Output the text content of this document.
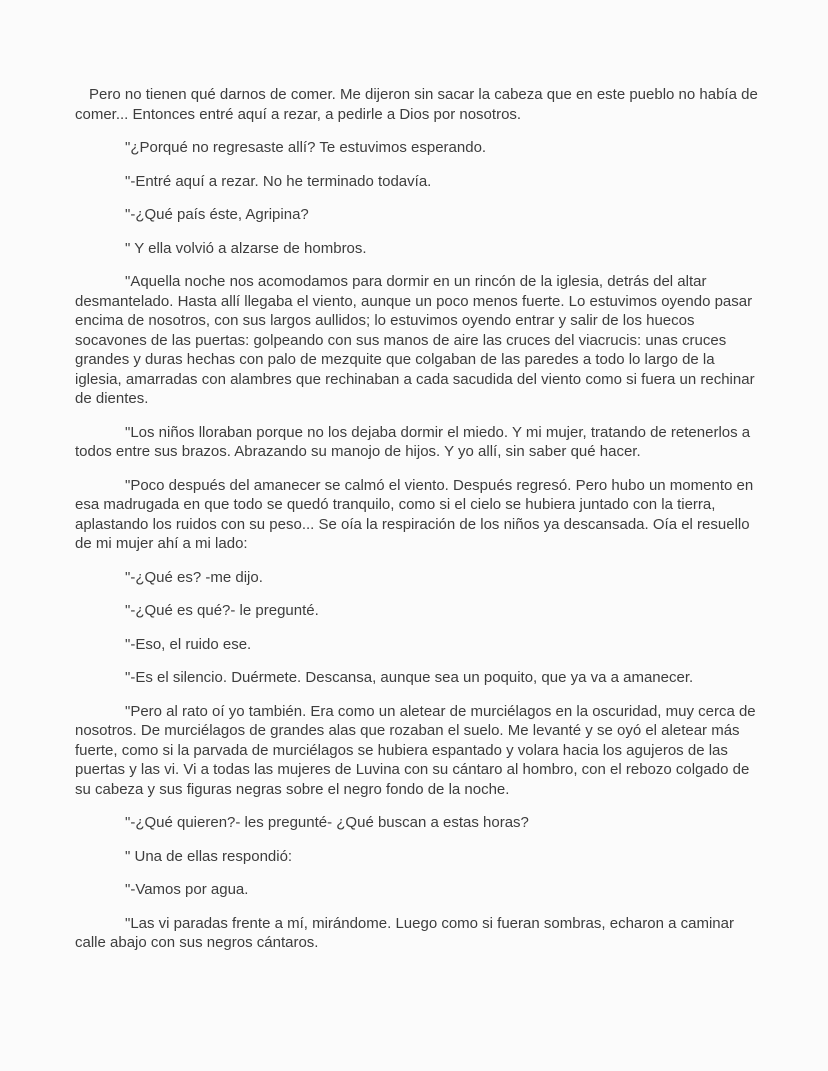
Pero no tienen qué darnos de comer. Me dijeron sin sacar la cabeza que en este pueblo no había de comer... Entonces entré aquí a rezar, a pedirle a Dios por nosotros.

"¿Porqué no regresaste allí? Te estuvimos esperando.

"-Entré aquí a rezar. No he terminado todavía.

"-¿Qué país éste, Agripina?

" Y ella volvió a alzarse de hombros.

"Aquella noche nos acomodamos para dormir en un rincón de la iglesia, detrás del altar desmantelado. Hasta allí llegaba el viento, aunque un poco menos fuerte. Lo estuvimos oyendo pasar encima de nosotros, con sus largos aullidos; lo estuvimos oyendo entrar y salir de los huecos socavones de las puertas: golpeando con sus manos de aire las cruces del viacrucis: unas cruces grandes y duras hechas con palo de mezquite que colgaban de las paredes a todo lo largo de la iglesia, amarradas con alambres que rechinaban a cada sacudida del viento como si fuera un rechinar de dientes.

"Los niños lloraban porque no los dejaba dormir el miedo. Y mi mujer, tratando de retenerlos a todos entre sus brazos. Abrazando su manojo de hijos. Y yo allí, sin saber qué hacer.

"Poco después del amanecer se calmó el viento. Después regresó. Pero hubo un momento en esa madrugada en que todo se quedó tranquilo, como si el cielo se hubiera juntado con la tierra, aplastando los ruidos con su peso... Se oía la respiración de los niños ya descansada. Oía el resuello de mi mujer ahí a mi lado:

"-¿Qué es? -me dijo.

"-¿Qué es qué?- le pregunté.

"-Eso, el ruido ese.

"-Es el silencio. Duérmete. Descansa, aunque sea un poquito, que ya va a amanecer.

"Pero al rato oí yo también. Era como un aletear de murciélagos en la oscuridad, muy cerca de nosotros. De murciélagos de grandes alas que rozaban el suelo. Me levanté y se oyó el aletear más fuerte, como si la parvada de murciélagos se hubiera espantado y volara hacia los agujeros de las puertas y las vi. Vi a todas las mujeres de Luvina con su cántaro al hombro, con el rebozo colgado de su cabeza y sus figuras negras sobre el negro fondo de la noche.

"-¿Qué quieren?- les pregunté- ¿Qué buscan a estas horas?

" Una de ellas respondió:

"-Vamos por agua.

"Las vi paradas frente a mí, mirándome. Luego como si fueran sombras, echaron a caminar calle abajo con sus negros cántaros.
